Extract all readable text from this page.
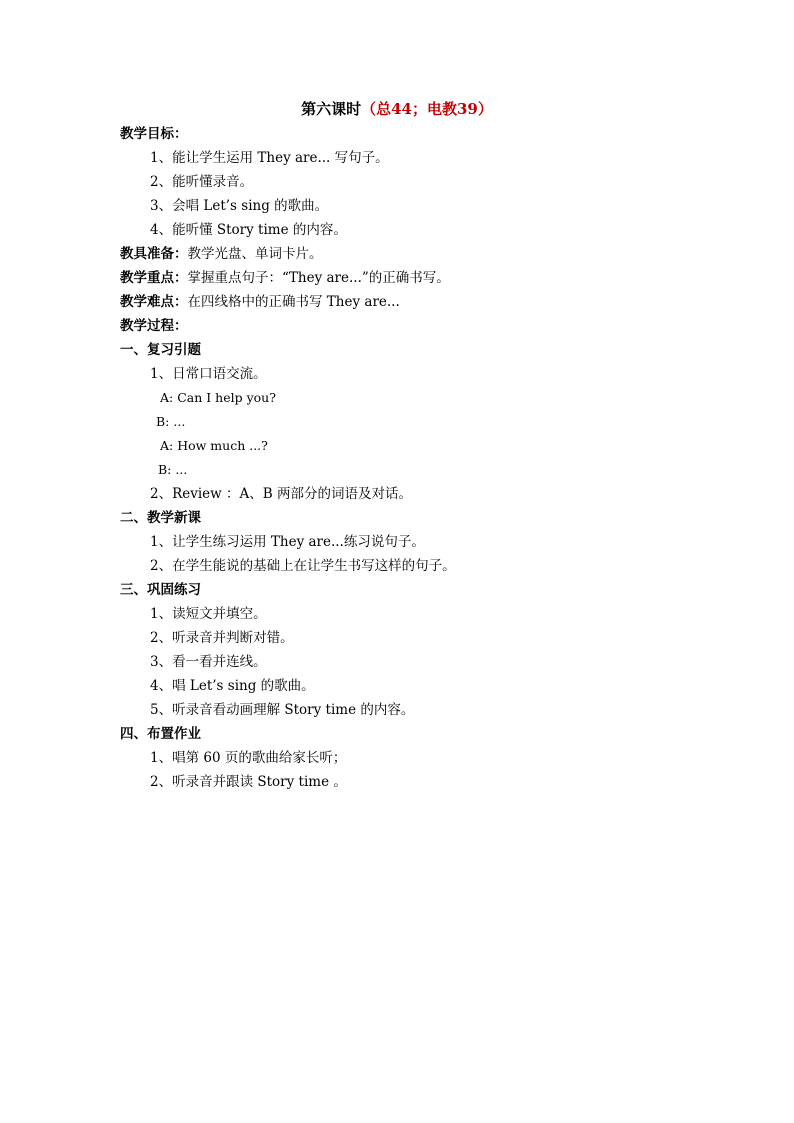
第六课时（总44；电教39）
教学目标：
1、能让学生运用 They are... 写句子。
2、能听懂录音。
3、会唱 Let’s sing 的歌曲。
4、能听懂 Story time 的内容。
教具准备：教学光盘、单词卡片。
教学重点：掌握重点句子：“They are...”的正确书写。
教学难点：在四线格中的正确书写 They are...
教学过程：
一、复习引题
1、日常口语交流。
A: Can I help you?
B: ...
A: How much ...?
B: ...
2、Review ：A、B 两部分的词语及对话。
二、教学新课
1、让学生练习运用 They are...练习说句子。
2、在学生能说的基础上在让学生书写这样的句子。
三、巩固练习
1、读短文并填空。
2、听录音并判断对错。
3、看一看并连线。
4、唱 Let’s sing 的歌曲。
5、听录音看动画理解 Story time 的内容。
四、布置作业
1、唱第 60 页的歌曲给家长听；
2、听录音并跟读 Story time 。
